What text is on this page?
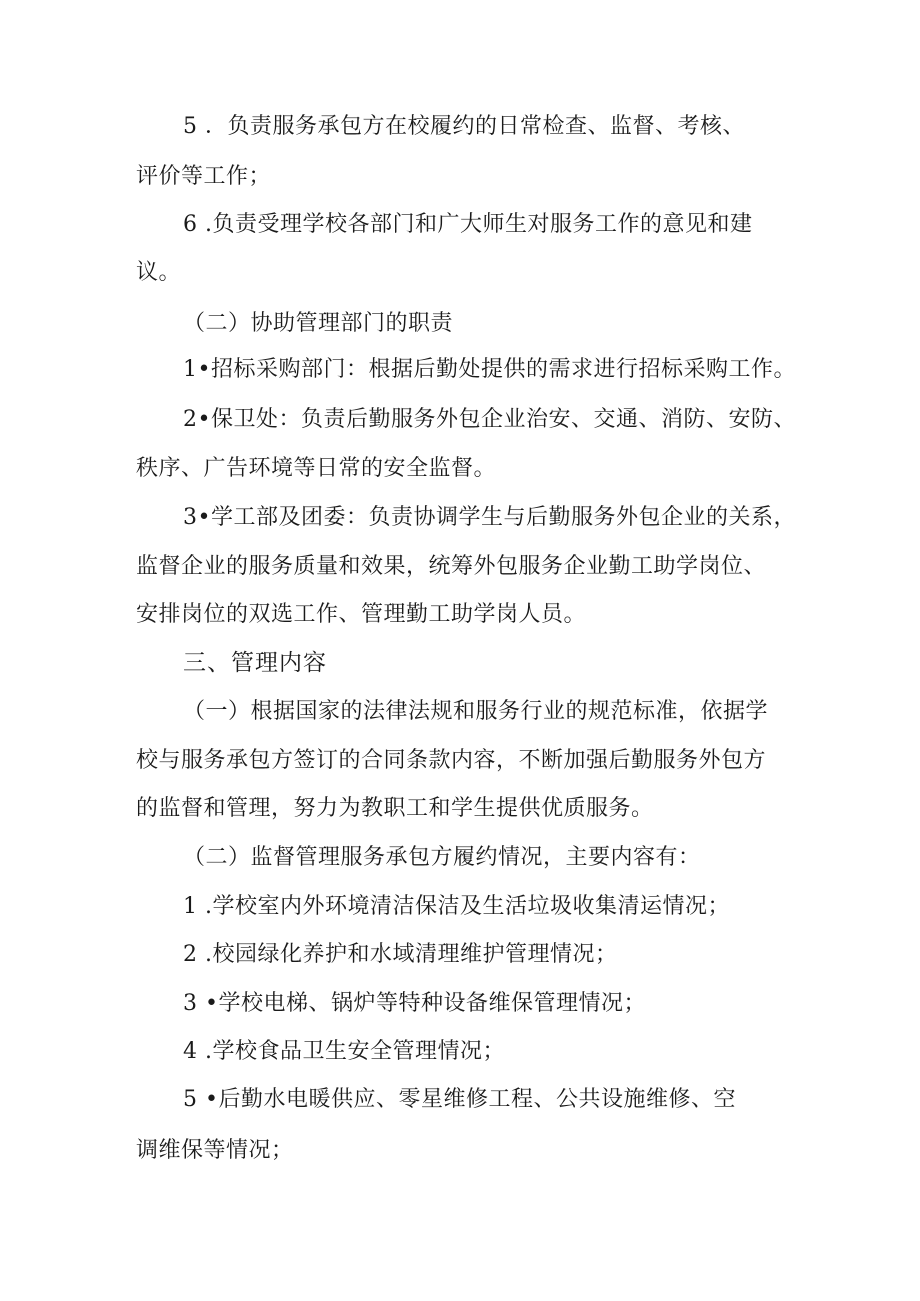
5 ．负责服务承包方在校履约的日常检查、监督、考核、
评价等工作；
6 .负责受理学校各部门和广大师生对服务工作的意见和建
议。
（二）协助管理部门的职责
1•招标采购部门：根据后勤处提供的需求进行招标采购工作。
2•保卫处：负责后勤服务外包企业治安、交通、消防、安防、
秩序、广告环境等日常的安全监督。
3•学工部及团委：负责协调学生与后勤服务外包企业的关系，
监督企业的服务质量和效果，统筹外包服务企业勤工助学岗位、
安排岗位的双选工作、管理勤工助学岗人员。
三、管理内容
（一）根据国家的法律法规和服务行业的规范标准，依据学
校与服务承包方签订的合同条款内容，不断加强后勤服务外包方
的监督和管理，努力为教职工和学生提供优质服务。
（二）监督管理服务承包方履约情况，主要内容有：
1 .学校室内外环境清洁保洁及生活垃圾收集清运情况；
2 .校园绿化养护和水域清理维护管理情况；
3 •学校电梯、锅炉等特种设备维保管理情况；
4 .学校食品卫生安全管理情况；
5 •后勤水电暖供应、零星维修工程、公共设施维修、空
调维保等情况；
